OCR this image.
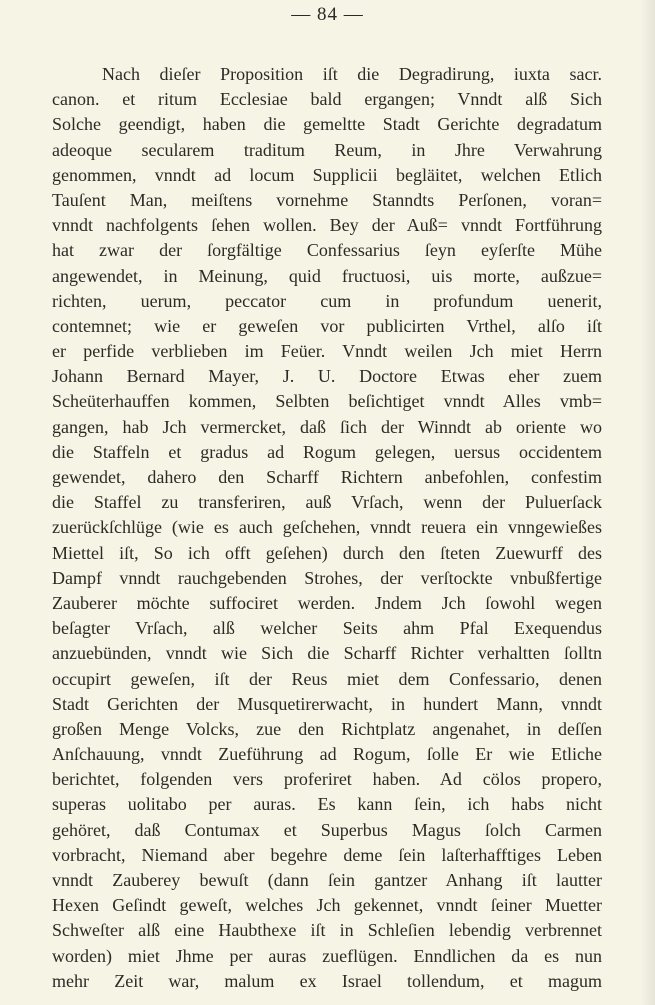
— 84 —
Nach dieſer Proposition iſt die Degradirung, iuxta sacr.
canon. et ritum Ecclesiae bald ergangen; Vnndt alß Sich
Solche geendigt, haben die gemeltte Stadt Gerichte degradatum
adeoque secularem traditum Reum, in Jhre Verwahrung
genommen, vnndt ad locum Supplicii begläitet, welchen Etlich
Tauſent Man, meiſtens vornehme Stanndts Perſonen, voran=
vnndt nachfolgents ſehen wollen. Bey der Auß= vnndt Fortführung
hat zwar der ſorgfältige Confessarius ſeyn eyſerſte Mühe
angewendet, in Meinung, quid fructuosi, uis morte, außzue=
richten, uerum, peccator cum in profundum uenerit,
contemnet; wie er geweſen vor publicirten Vrthel, alſo iſt
er perfide verblieben im Feüer. Vnndt weilen Jch miet Herrn
Johann Bernard Mayer, J. U. Doctore Etwas eher zuem
Scheüterhauffen kommen, Selbten beſichtiget vnndt Alles vmb=
gangen, hab Jch vermercket, daß ſich der Winndt ab oriente wo
die Staffeln et gradus ad Rogum gelegen, uersus occidentem
gewendet, dahero den Scharff Richtern anbefohlen, confestim
die Staffel zu transferiren, auß Vrſach, wenn der Puluerſack
zuerückſchlüge (wie es auch geſchehen, vnndt reuera ein vnngewießes
Miettel iſt, So ich offt geſehen) durch den ſteten Zuewurff des
Dampf vnndt rauchgebenden Strohes, der verſtockte vnbußfertige
Zauberer möchte suffociret werden. Jndem Jch ſowohl wegen
beſagter Vrſach, alß welcher Seits ahm Pfal Exequendus
anzuebünden, vnndt wie Sich die Scharff Richter verhaltten ſolltn
occupirt geweſen, iſt der Reus miet dem Confessario, denen
Stadt Gerichten der Musquetirerwacht, in hundert Mann, vnndt
großen Menge Volcks, zue den Richtplatz angenahet, in deſſen
Anſchauung, vnndt Zueführung ad Rogum, ſolle Er wie Etliche
berichtet, folgenden vers proferiret haben. Ad cölos propero,
superas uolitabo per auras. Es kann ſein, ich habs nicht
gehöret, daß Contumax et Superbus Magus ſolch Carmen
vorbracht, Niemand aber begehre deme ſein laſterhafftiges Leben
vnndt Zauberey bewuſt (dann ſein gantzer Anhang iſt lautter
Hexen Geſindt geweſt, welches Jch gekennet, vnndt ſeiner Muetter
Schweſter alß eine Haubthexe iſt in Schleſien lebendig verbrennet
worden) miet Jhme per auras zueflügen. Enndlichen da es nun
mehr Zeit war, malum ex Israel tollendum, et magum
